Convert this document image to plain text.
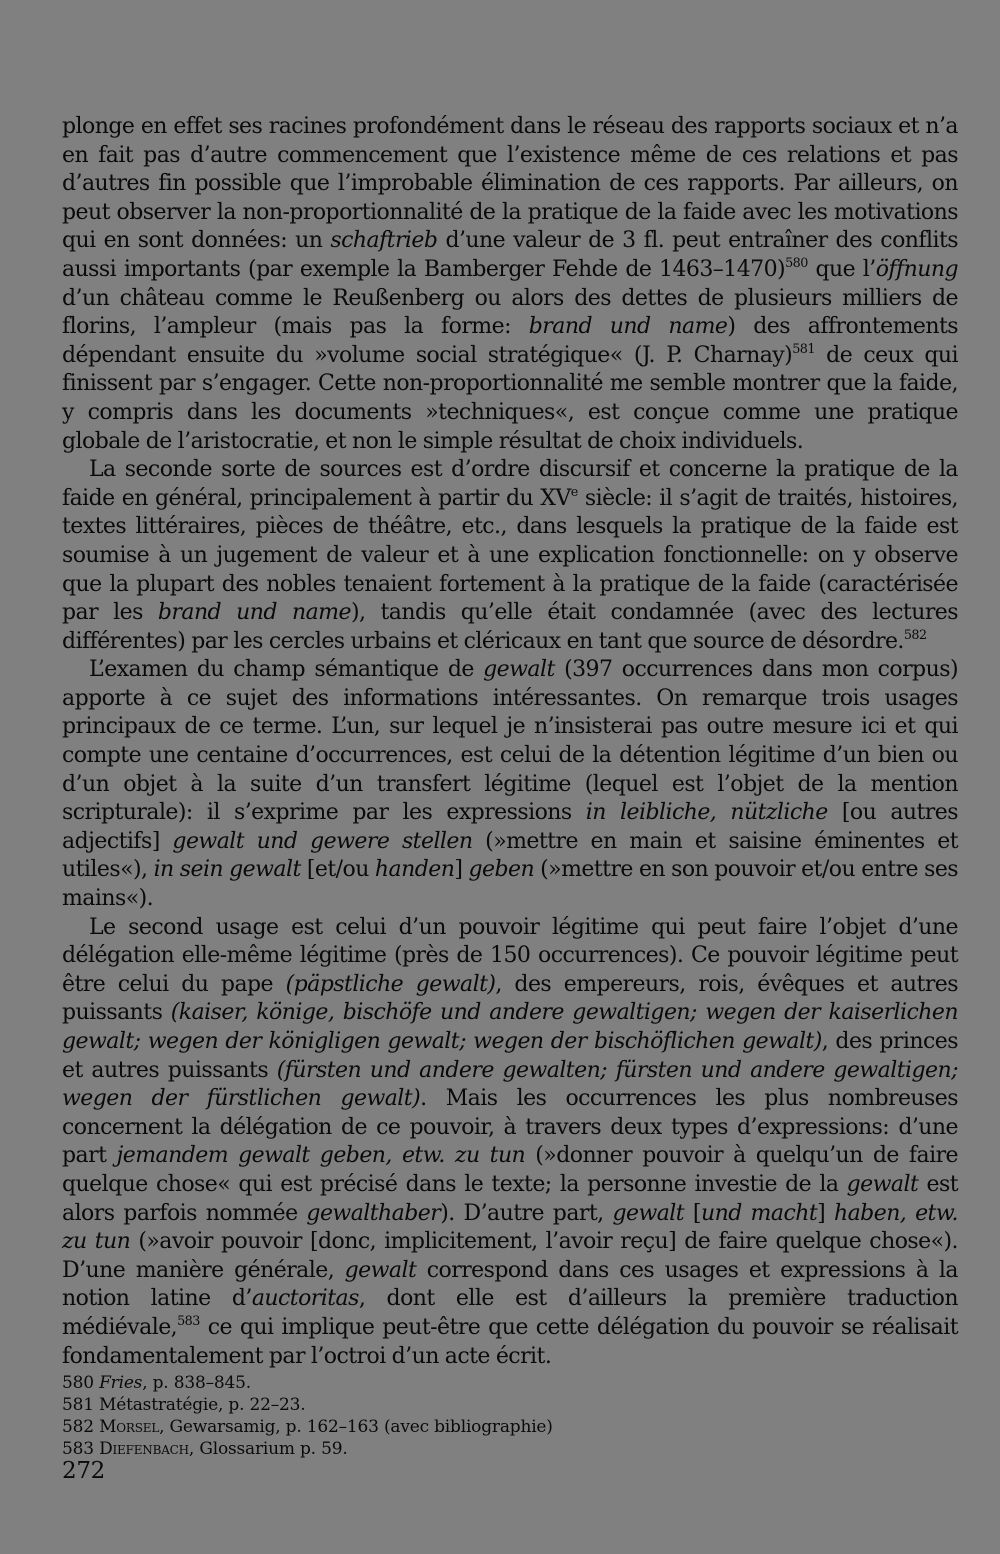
plonge en effet ses racines profondément dans le réseau des rapports sociaux et n’a en fait pas d’autre commencement que l’existence même de ces relations et pas d’autres fin possible que l’improbable élimination de ces rapports. Par ailleurs, on peut observer la non-proportionnalité de la pratique de la faide avec les motivations qui en sont données: un schaftrieb d’une valeur de 3 fl. peut entraîner des conflits aussi importants (par exemple la Bamberger Fehde de 1463–1470)$^{580}$ que l’öffnung d’un château comme le Reußenberg ou alors des dettes de plusieurs milliers de florins, l’ampleur (mais pas la forme: brand und name) des affrontements dépendant ensuite du »volume social stratégique« (J. P. Charnay)$^{581}$ de ceux qui finissent par s’engager. Cette non-proportionnalité me semble montrer que la faide, y compris dans les documents »techniques«, est conçue comme une pratique globale de l’aristocratie, et non le simple résultat de choix individuels.

La seconde sorte de sources est d’ordre discursif et concerne la pratique de la faide en général, principalement à partir du XVe siècle: il s’agit de traités, histoires, textes littéraires, pièces de théâtre, etc., dans lesquels la pratique de la faide est soumise à un jugement de valeur et à une explication fonctionnelle: on y observe que la plupart des nobles tenaient fortement à la pratique de la faide (caractérisée par les brand und name), tandis qu’elle était condamnée (avec des lectures différentes) par les cercles urbains et cléricaux en tant que source de désordre.$^{582}$

L’examen du champ sémantique de gewalt (397 occurrences dans mon corpus) apporte à ce sujet des informations intéressantes. On remarque trois usages principaux de ce terme. L’un, sur lequel je n’insisterai pas outre mesure ici et qui compte une centaine d’occurrences, est celui de la détention légitime d’un bien ou d’un objet à la suite d’un transfert légitime (lequel est l’objet de la mention scripturale): il s’exprime par les expressions in leibliche, nützliche [ou autres adjectifs] gewalt und gewere stellen (»mettre en main et saisine éminentes et utiles«), in sein gewalt [et/ou handen] geben (»mettre en son pouvoir et/ou entre ses mains«).

Le second usage est celui d’un pouvoir légitime qui peut faire l’objet d’une délégation elle-même légitime (près de 150 occurrences). Ce pouvoir légitime peut être celui du pape (päpstliche gewalt), des empereurs, rois, évêques et autres puissants (kaiser, könige, bischöfe und andere gewaltigen; wegen der kaiserlichen gewalt; wegen der königligen gewalt; wegen der bischöflichen gewalt), des princes et autres puissants (fürsten und andere gewalten; fürsten und andere gewaltigen; wegen der fürstlichen gewalt). Mais les occurrences les plus nombreuses concernent la délégation de ce pouvoir, à travers deux types d’expressions: d’une part jemandem gewalt geben, etw. zu tun (»donner pouvoir à quelqu’un de faire quelque chose« qui est précisé dans le texte; la personne investie de la gewalt est alors parfois nommée gewalthaber). D’autre part, gewalt [und macht] haben, etw. zu tun (»avoir pouvoir [donc, implicitement, l’avoir reçu] de faire quelque chose«). D’une manière générale, gewalt correspond dans ces usages et expressions à la notion latine d’auctoritas, dont elle est d’ailleurs la première traduction médiévale,$^{583}$ ce qui implique peut-être que cette délégation du pouvoir se réalisait fondamentalement par l’octroi d’un acte écrit.

580 Fries, p. 838–845.
581 Métastratégie, p. 22–23.
582 Morsel, Gewarsamig, p. 162–163 (avec bibliographie)
583 Diefenbach, Glossarium p. 59.
272
